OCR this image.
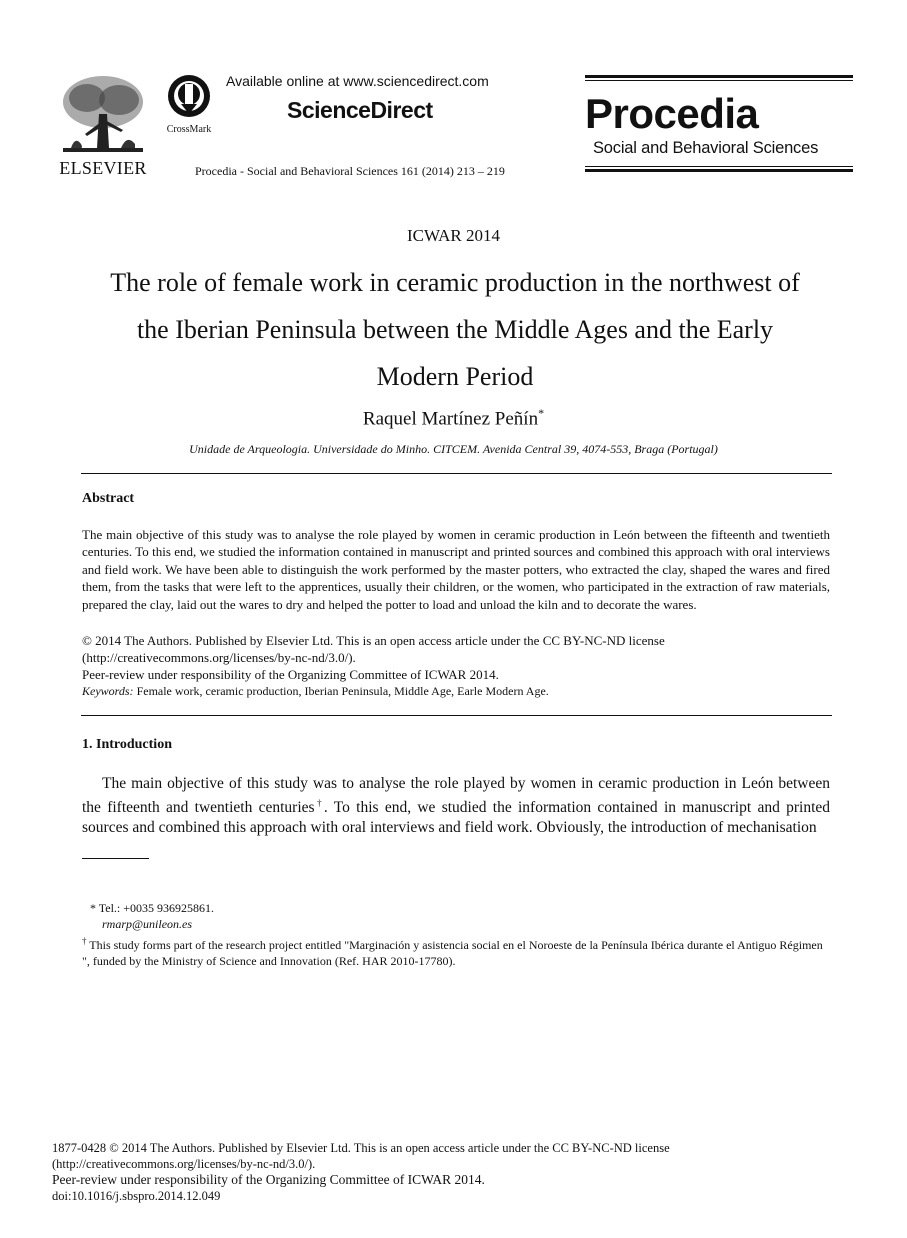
ELSEVIER
CrossMark
Available online at www.sciencedirect.com
ScienceDirect
Procedia - Social and Behavioral Sciences 161 (2014) 213 – 219
Procedia
Social and Behavioral Sciences
ICWAR 2014
The role of female work in ceramic production in the northwest of
the Iberian Peninsula between the Middle Ages and the Early
Modern Period
Raquel Martínez Peñín*
Unidade de Arqueologia. Universidade do Minho. CITCEM. Avenida Central 39, 4074-553, Braga (Portugal)
Abstract
The main objective of this study was to analyse the role played by women in ceramic production in León between the fifteenth and twentieth centuries. To this end, we studied the information contained in manuscript and printed sources and combined this approach with oral interviews and field work. We have been able to distinguish the work performed by the master potters, who extracted the clay, shaped the wares and fired them, from the tasks that were left to the apprentices, usually their children, or the women, who participated in the extraction of raw materials, prepared the clay, laid out the wares to dry and helped the potter to load and unload the kiln and to decorate the wares.
© 2014 The Authors. Published by Elsevier Ltd. This is an open access article under the CC BY-NC-ND license
(http://creativecommons.org/licenses/by-nc-nd/3.0/).
Peer-review under responsibility of the Organizing Committee of ICWAR 2014.
Keywords: Female work, ceramic production, Iberian Peninsula, Middle Age, Earle Modern Age.
1. Introduction
The main objective of this study was to analyse the role played by women in ceramic production in León between the fifteenth and twentieth centuries†. To this end, we studied the information contained in manuscript and printed sources and combined this approach with oral interviews and field work. Obviously, the introduction of mechanisation
* Tel.: +0035 936925861.
rmarp@unileon.es
† This study forms part of the research project entitled "Marginación y asistencia social en el Noroeste de la Península Ibérica durante el Antiguo Régimen ", funded by the Ministry of Science and Innovation (Ref. HAR 2010-17780).
1877-0428 © 2014 The Authors. Published by Elsevier Ltd. This is an open access article under the CC BY-NC-ND license
(http://creativecommons.org/licenses/by-nc-nd/3.0/).
Peer-review under responsibility of the Organizing Committee of ICWAR 2014.
doi:10.1016/j.sbspro.2014.12.049
